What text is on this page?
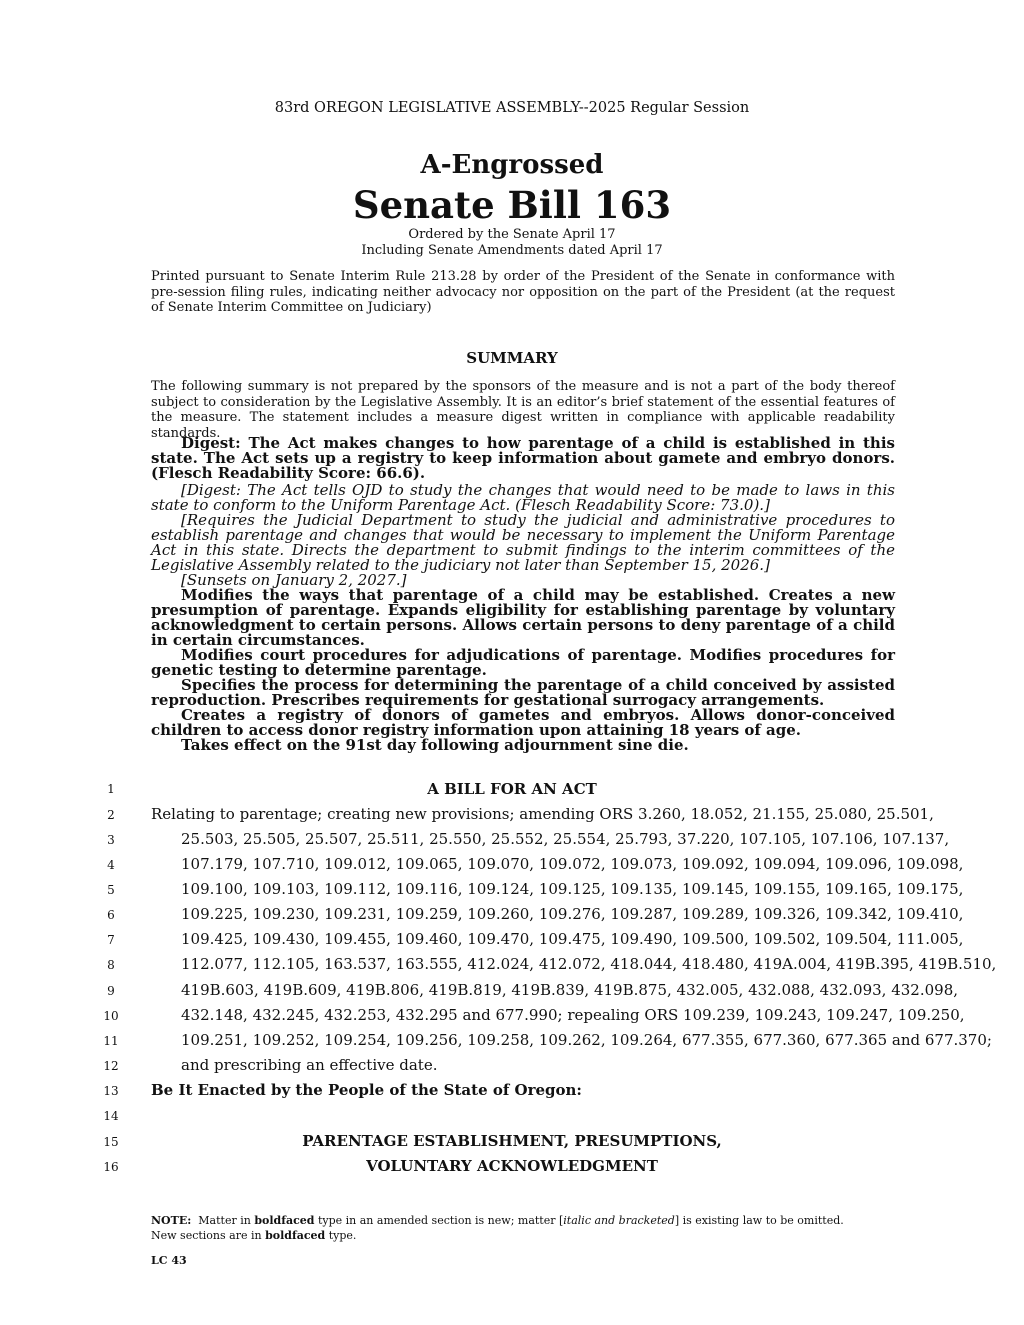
83rd OREGON LEGISLATIVE ASSEMBLY--2025 Regular Session
A-Engrossed
Senate Bill 163
Ordered by the Senate April 17
Including Senate Amendments dated April 17
Printed pursuant to Senate Interim Rule 213.28 by order of the President of the Senate in conformance with pre-session filing rules, indicating neither advocacy nor opposition on the part of the President (at the request of Senate Interim Committee on Judiciary)
SUMMARY
The following summary is not prepared by the sponsors of the measure and is not a part of the body thereof subject to consideration by the Legislative Assembly. It is an editor’s brief statement of the essential features of the measure. The statement includes a measure digest written in compliance with applicable readability standards.
Digest: The Act makes changes to how parentage of a child is established in this state. The Act sets up a registry to keep information about gamete and embryo donors. (Flesch Readability Score: 66.6).
[Digest: The Act tells OJD to study the changes that would need to be made to laws in this state to conform to the Uniform Parentage Act. (Flesch Readability Score: 73.0).]
[Requires the Judicial Department to study the judicial and administrative procedures to establish parentage and changes that would be necessary to implement the Uniform Parentage Act in this state. Directs the department to submit findings to the interim committees of the Legislative Assembly related to the judiciary not later than September 15, 2026.]
[Sunsets on January 2, 2027.]
Modifies the ways that parentage of a child may be established. Creates a new presumption of parentage. Expands eligibility for establishing parentage by voluntary acknowledgment to certain persons. Allows certain persons to deny parentage of a child in certain circumstances.
Modifies court procedures for adjudications of parentage. Modifies procedures for genetic testing to determine parentage.
Specifies the process for determining the parentage of a child conceived by assisted reproduction. Prescribes requirements for gestational surrogacy arrangements.
Creates a registry of donors of gametes and embryos. Allows donor-conceived children to access donor registry information upon attaining 18 years of age.
Takes effect on the 91st day following adjournment sine die.
1
2
3
4
5
6
7
8
9
10
11
12
13
14
15
16
A BILL FOR AN ACT
Relating to parentage; creating new provisions; amending ORS 3.260, 18.052, 21.155, 25.080, 25.501,
25.503, 25.505, 25.507, 25.511, 25.550, 25.552, 25.554, 25.793, 37.220, 107.105, 107.106, 107.137,
107.179, 107.710, 109.012, 109.065, 109.070, 109.072, 109.073, 109.092, 109.094, 109.096, 109.098,
109.100, 109.103, 109.112, 109.116, 109.124, 109.125, 109.135, 109.145, 109.155, 109.165, 109.175,
109.225, 109.230, 109.231, 109.259, 109.260, 109.276, 109.287, 109.289, 109.326, 109.342, 109.410,
109.425, 109.430, 109.455, 109.460, 109.470, 109.475, 109.490, 109.500, 109.502, 109.504, 111.005,
112.077, 112.105, 163.537, 163.555, 412.024, 412.072, 418.044, 418.480, 419A.004, 419B.395, 419B.510,
419B.603, 419B.609, 419B.806, 419B.819, 419B.839, 419B.875, 432.005, 432.088, 432.093, 432.098,
432.148, 432.245, 432.253, 432.295 and 677.990; repealing ORS 109.239, 109.243, 109.247, 109.250,
109.251, 109.252, 109.254, 109.256, 109.258, 109.262, 109.264, 677.355, 677.360, 677.365 and 677.370;
and prescribing an effective date.
Be It Enacted by the People of the State of Oregon:
PARENTAGE ESTABLISHMENT, PRESUMPTIONS,
VOLUNTARY ACKNOWLEDGMENT
NOTE: Matter in boldfaced type in an amended section is new; matter [italic and bracketed] is existing law to be omitted.
New sections are in boldfaced type.
LC 43
